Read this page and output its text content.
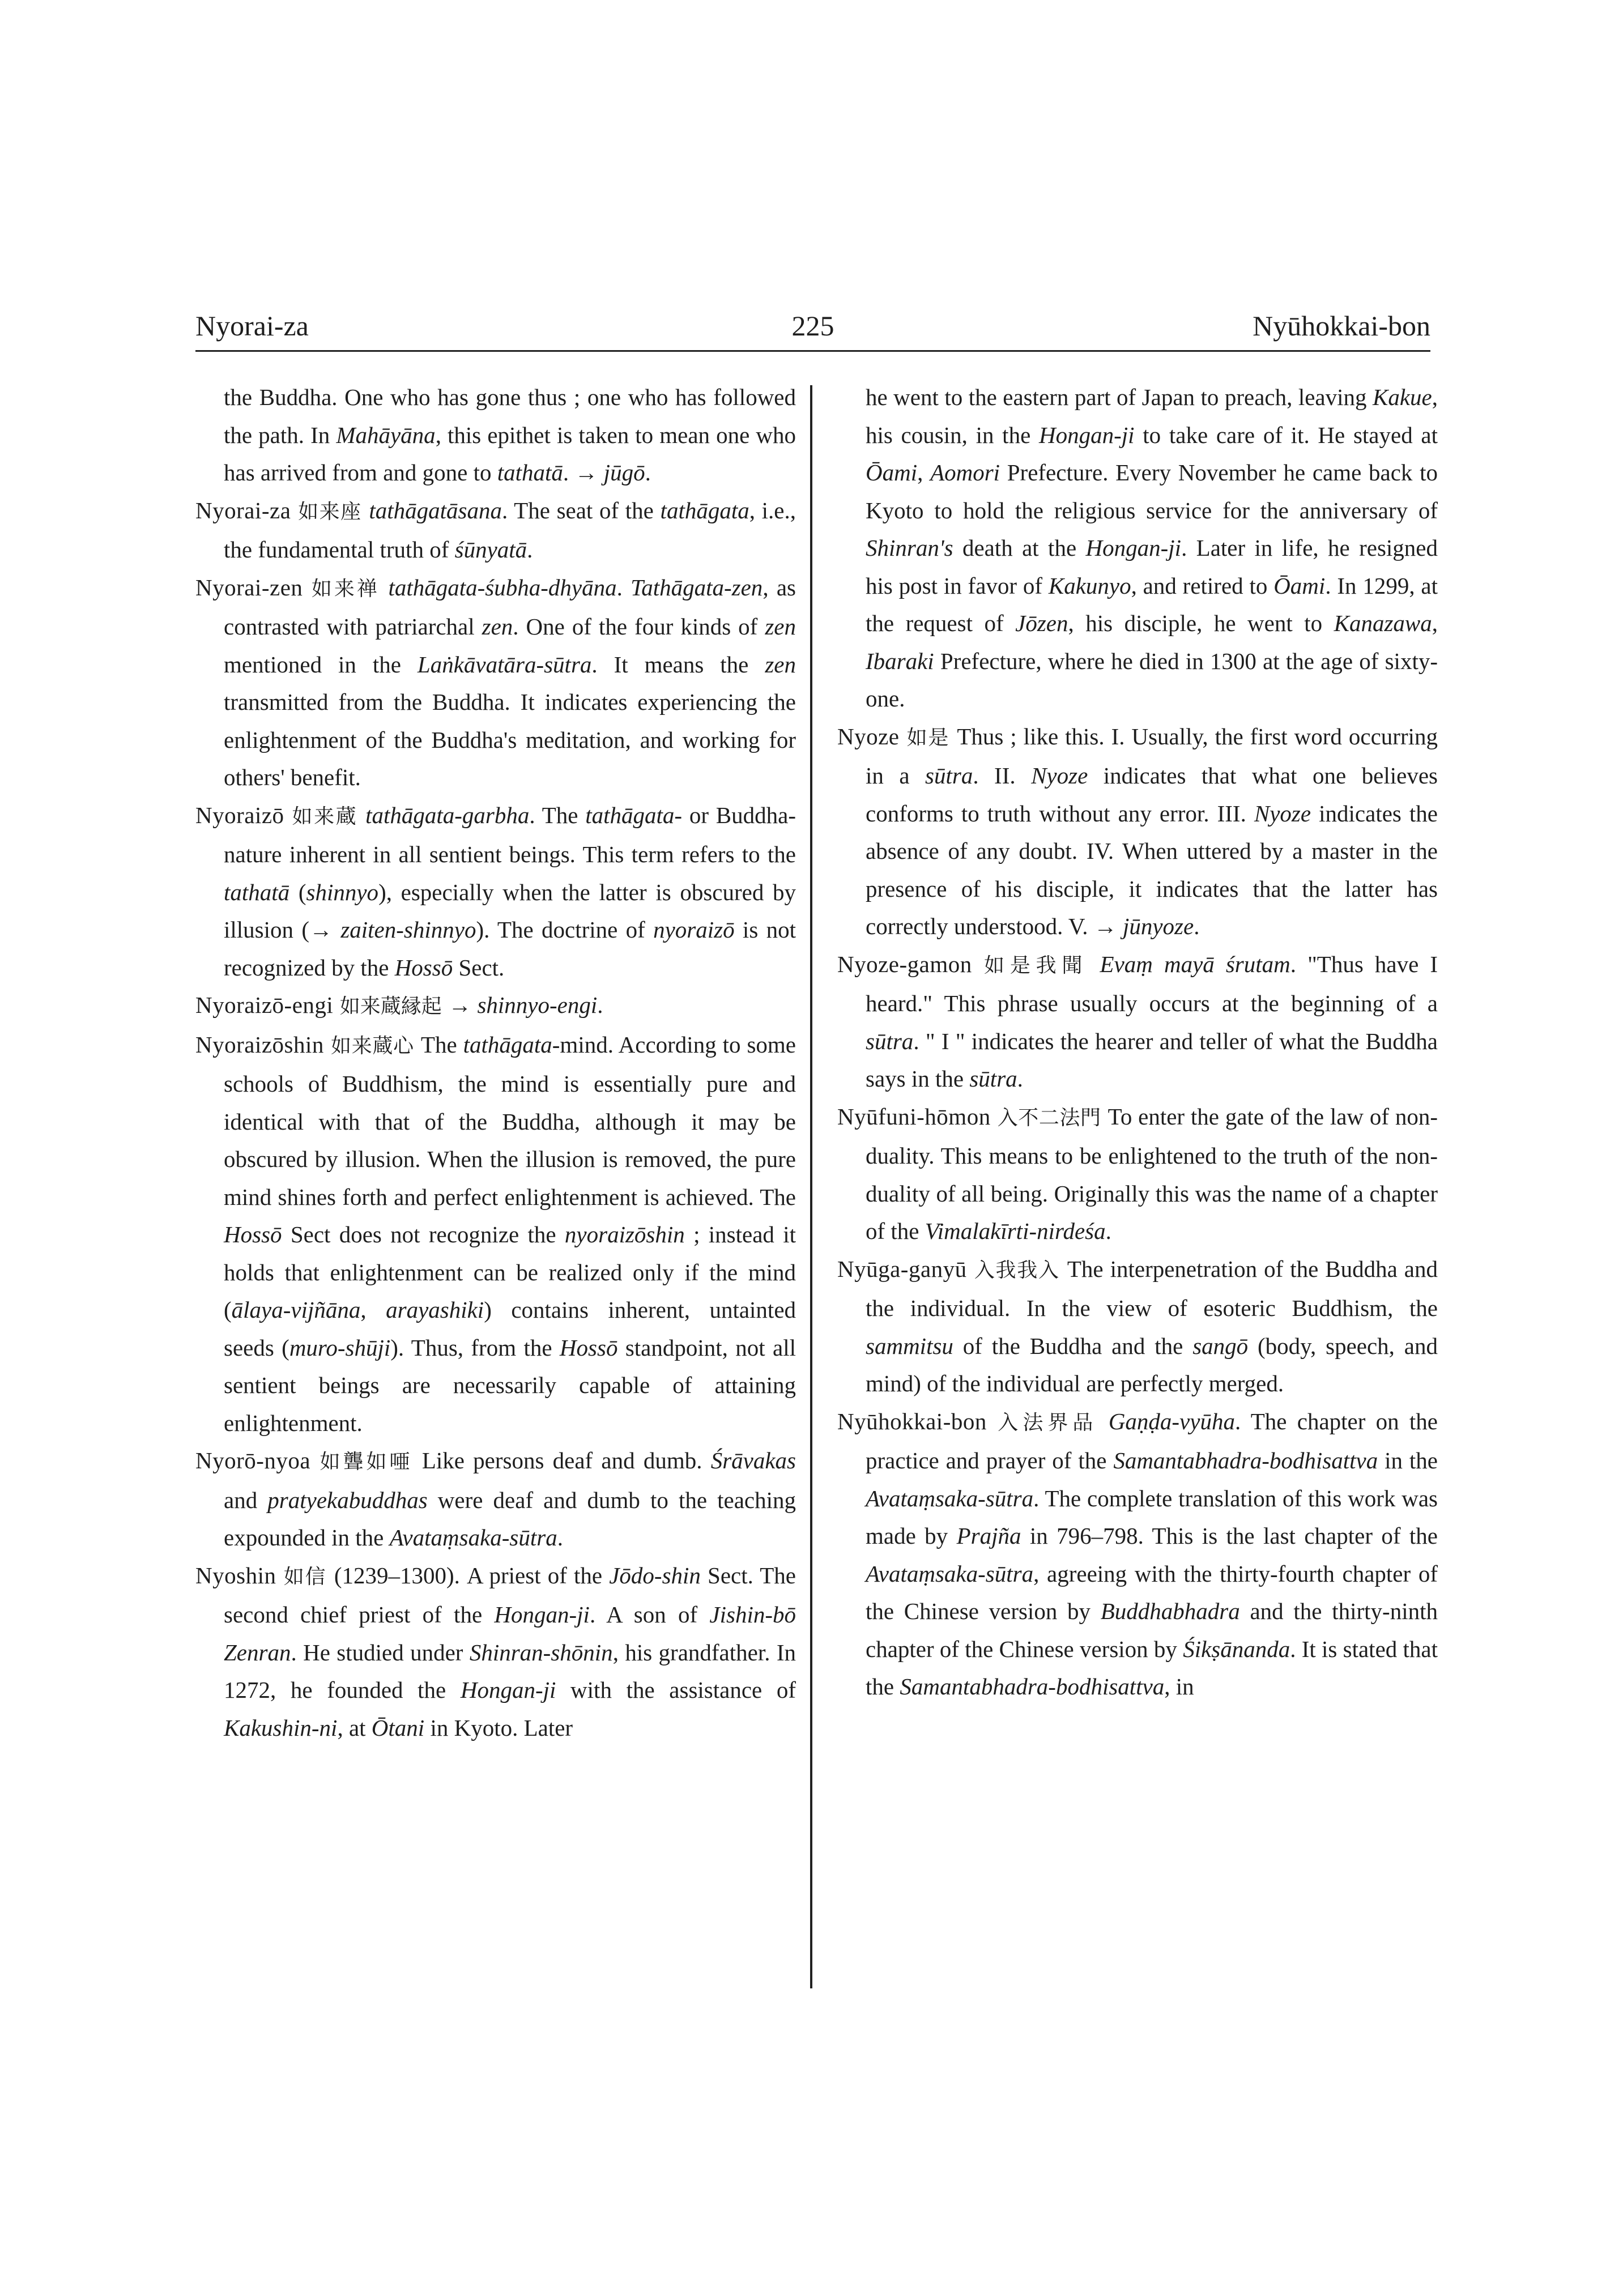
Nyorai-za	225	Nyūhokkai-bon

the Buddha. One who has gone thus ; one who has followed the path. In Mahāyāna, this epithet is taken to mean one who has arrived from and gone to tathatā. → jūgō.

Nyorai-za 如来座 tathāgatāsana. The seat of the tathāgata, i.e., the fundamental truth of śūnyatā.

Nyorai-zen 如来禅 tathāgata-śubha-dhyāna. Tathāgata-zen, as contrasted with patriarchal zen. One of the four kinds of zen mentioned in the Laṅkāvatāra-sūtra. It means the zen transmitted from the Buddha. It indicates experiencing the enlightenment of the Buddha's meditation, and working for others' benefit.

Nyoraizō 如来蔵 tathāgata-garbha. The tathāgata- or Buddha-nature inherent in all sentient beings. This term refers to the tathatā (shinnyo), especially when the latter is obscured by illusion (→ zaiten-shinnyo). The doctrine of nyoraizō is not recognized by the Hossō Sect.

Nyoraizō-engi 如来蔵縁起 → shinnyo-engi.

Nyoraizōshin 如来蔵心 The tathāgata-mind. According to some schools of Buddhism, the mind is essentially pure and identical with that of the Buddha, although it may be obscured by illusion. When the illusion is removed, the pure mind shines forth and perfect enlightenment is achieved. The Hossō Sect does not recognize the nyoraizōshin ; instead it holds that enlightenment can be realized only if the mind (ālaya-vijñāna, arayashiki) contains inherent, untainted seeds (muro-shūji). Thus, from the Hossō standpoint, not all sentient beings are necessarily capable of attaining enlightenment.

Nyorō-nyoa 如聾如唖 Like persons deaf and dumb. Śrāvakas and pratyekabuddhas were deaf and dumb to the teaching expounded in the Avataṃsaka-sūtra.

Nyoshin 如信 (1239–1300). A priest of the Jōdo-shin Sect. The second chief priest of the Hongan-ji. A son of Jishin-bō Zenran. He studied under Shinran-shōnin, his grandfather. In 1272, he founded the Hongan-ji with the assistance of Kakushin-ni, at Ōtani in Kyoto. Later

he went to the eastern part of Japan to preach, leaving Kakue, his cousin, in the Hongan-ji to take care of it. He stayed at Ōami, Aomori Prefecture. Every November he came back to Kyoto to hold the religious service for the anniversary of Shinran's death at the Hongan-ji. Later in life, he resigned his post in favor of Kakunyo, and retired to Ōami. In 1299, at the request of Jōzen, his disciple, he went to Kanazawa, Ibaraki Prefecture, where he died in 1300 at the age of sixty-one.

Nyoze 如是 Thus ; like this. I. Usually, the first word occurring in a sūtra. II. Nyoze indicates that what one believes conforms to truth without any error. III. Nyoze indicates the absence of any doubt. IV. When uttered by a master in the presence of his disciple, it indicates that the latter has correctly understood. V. → jūnyoze.

Nyoze-gamon 如是我聞 Evaṃ mayā śrutam. "Thus have I heard." This phrase usually occurs at the beginning of a sūtra. " I " indicates the hearer and teller of what the Buddha says in the sūtra.

Nyūfuni-hōmon 入不二法門 To enter the gate of the law of non-duality. This means to be enlightened to the truth of the non-duality of all being. Originally this was the name of a chapter of the Vimalakīrti-nirdeśa.

Nyūga-ganyū 入我我入 The interpenetration of the Buddha and the individual. In the view of esoteric Buddhism, the sammitsu of the Buddha and the sangō (body, speech, and mind) of the individual are perfectly merged.

Nyūhokkai-bon 入法界品 Gaṇḍa-vyūha. The chapter on the practice and prayer of the Samantabhadra-bodhisattva in the Avataṃsaka-sūtra. The complete translation of this work was made by Prajña in 796–798. This is the last chapter of the Avataṃsaka-sūtra, agreeing with the thirty-fourth chapter of the Chinese version by Buddhabhadra and the thirty-ninth chapter of the Chinese version by Śikṣānanda. It is stated that the Samantabhadra-bodhisattva, in
